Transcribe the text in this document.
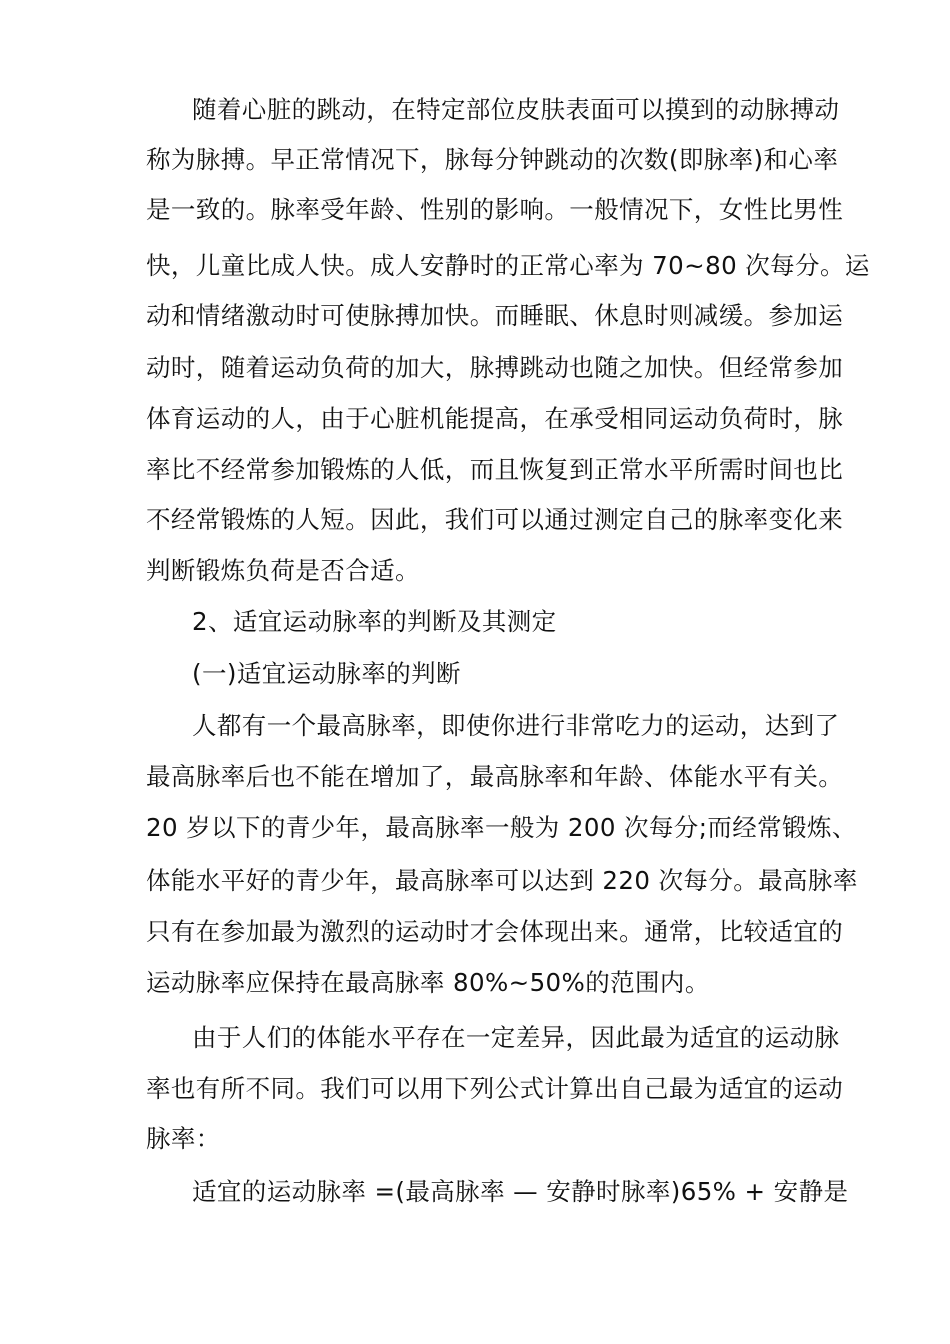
随着心脏的跳动，在特定部位皮肤表面可以摸到的动脉搏动
称为脉搏。早正常情况下，脉每分钟跳动的次数(即脉率)和心率
是一致的。脉率受年龄、性别的影响。一般情况下，女性比男性
快，儿童比成人快。成人安静时的正常心率为 70~80 次每分。运
动和情绪激动时可使脉搏加快。而睡眠、休息时则减缓。参加运
动时，随着运动负荷的加大，脉搏跳动也随之加快。但经常参加
体育运动的人，由于心脏机能提高，在承受相同运动负荷时，脉
率比不经常参加锻炼的人低，而且恢复到正常水平所需时间也比
不经常锻炼的人短。因此，我们可以通过测定自己的脉率变化来
判断锻炼负荷是否合适。
2、适宜运动脉率的判断及其测定
(一)适宜运动脉率的判断
人都有一个最高脉率，即使你进行非常吃力的运动，达到了
最高脉率后也不能在增加了，最高脉率和年龄、体能水平有关。
20 岁以下的青少年，最高脉率一般为 200 次每分;而经常锻炼、
体能水平好的青少年，最高脉率可以达到 220 次每分。最高脉率
只有在参加最为激烈的运动时才会体现出来。通常，比较适宜的
运动脉率应保持在最高脉率 80%~50%的范围内。
由于人们的体能水平存在一定差异，因此最为适宜的运动脉
率也有所不同。我们可以用下列公式计算出自己最为适宜的运动
脉率：
适宜的运动脉率 =(最高脉率 — 安静时脉率)65% + 安静是
